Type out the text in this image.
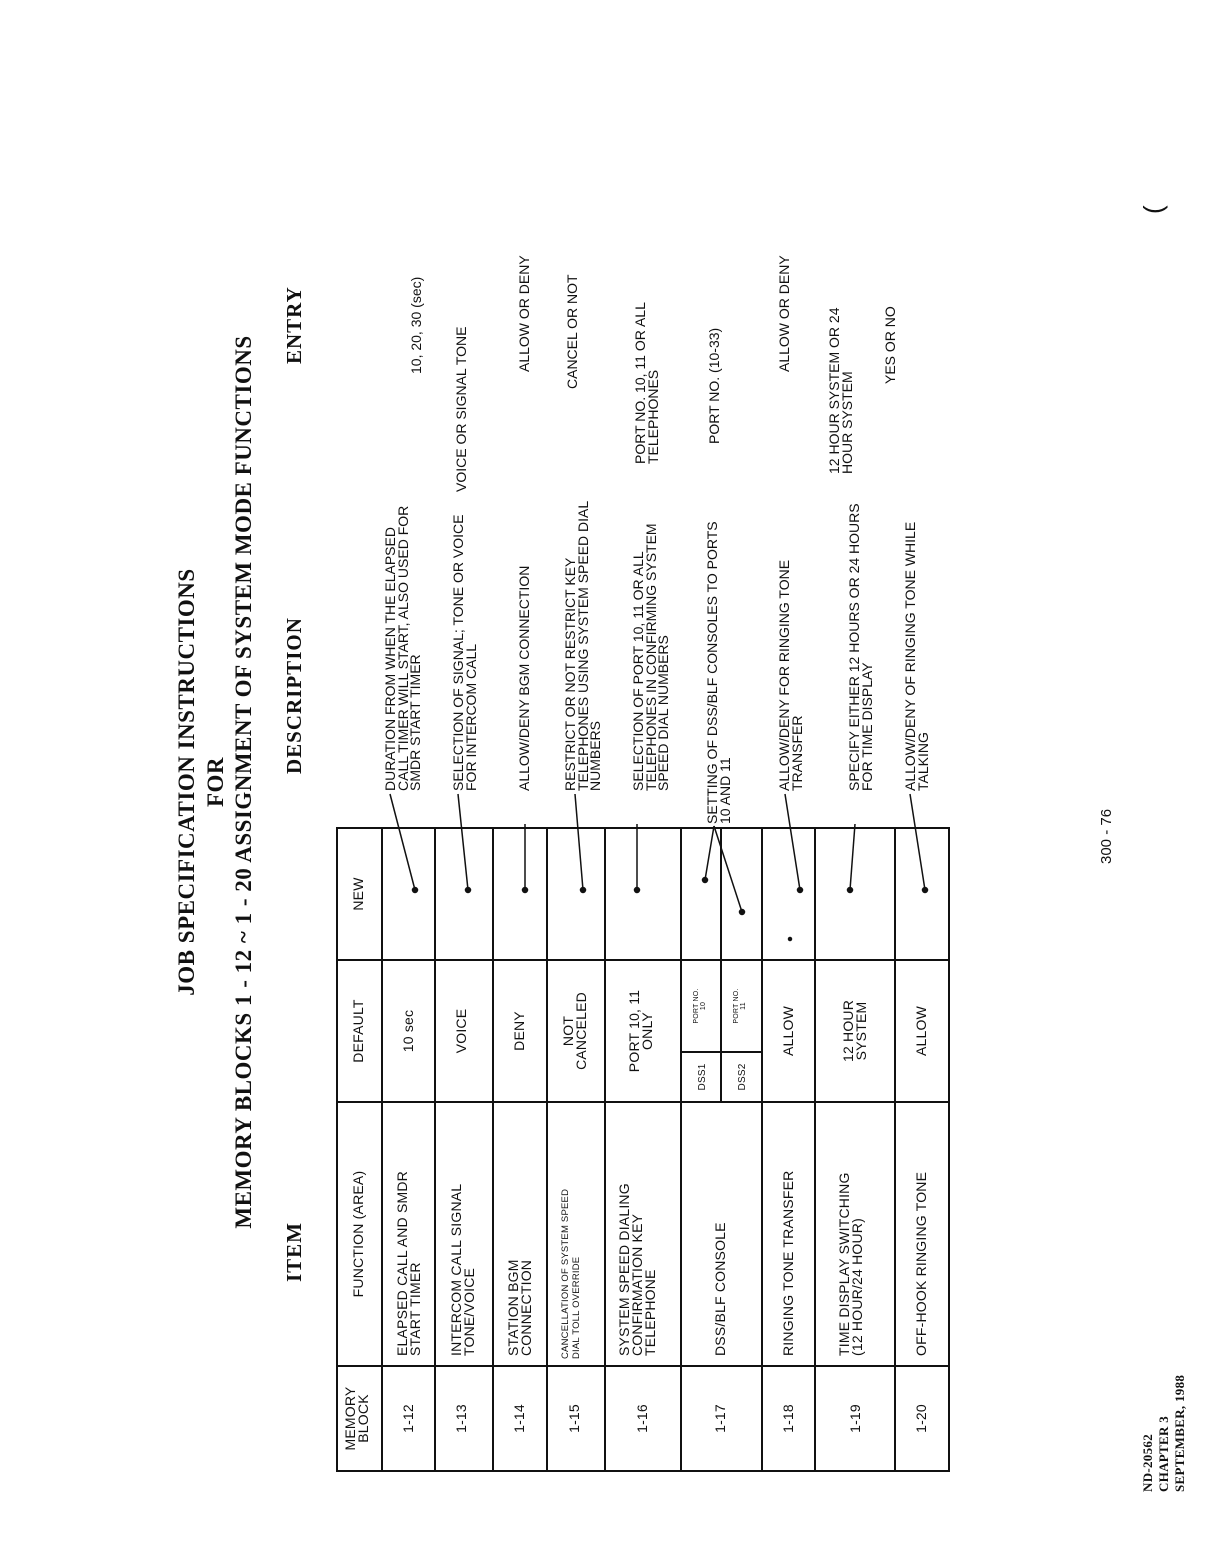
ND-20562 CHAPTER 3 SEPTEMBER, 1988
JOB SPECIFICATION INSTRUCTIONS FOR MEMORY BLOCKS 1 - 12 ~ 1 - 20 ASSIGNMENT OF SYSTEM MODE FUNCTIONS
ITEM
DESCRIPTION
ENTRY
MEMORY
BLOCK
FUNCTION (AREA)
DEFAULT
NEW
1-12
ELAPSED CALL AND SMDR
START TIMER
10 sec
DURATION FROM WHEN THE ELAPSED
CALL TIMER WILL START, ALSO USED FOR
SMDR START TIMER
10, 20, 30 (sec)
1-13
INTERCOM CALL SIGNAL
TONE/VOICE
VOICE
SELECTION OF SIGNAL; TONE OR VOICE
FOR INTERCOM CALL
VOICE OR SIGNAL TONE
1-14
STATION BGM
CONNECTION
DENY
ALLOW/DENY BGM CONNECTION
ALLOW OR DENY
1-15
CANCELLATION OF SYSTEM SPEED DIAL TOLL OVERRIDE
NOT
CANCELED
RESTRICT OR NOT RESTRICT KEY
TELEPHONES USING SYSTEM SPEED DIAL
NUMBERS
CANCEL OR NOT
1-16
SYSTEM SPEED DIALING
CONFIRMATION KEY
TELEPHONE
PORT 10, 11
ONLY
SELECTION OF PORT 10, 11 OR ALL
TELEPHONES IN CONFIRMING SYSTEM
SPEED DIAL NUMBERS
PORT NO. 10, 11 OR ALL
TELEPHONES
1-17
DSS/BLF CONSOLE
DSS1	DSS2
PORT NO. 10	PORT NO. 11
SETTING OF DSS/BLF CONSOLES TO PORTS
10 AND 11
PORT NO. (10-33)
1-18
RINGING TONE TRANSFER
ALLOW
ALLOW/DENY FOR RINGING TONE
TRANSFER
ALLOW OR DENY
1-19
TIME DISPLAY SWITCHING
(12 HOUR/24 HOUR)
12 HOUR
SYSTEM
SPECIFY EITHER 12 HOURS OR 24 HOURS
FOR TIME DISPLAY
12 HOUR SYSTEM OR 24
HOUR SYSTEM
1-20
OFF-HOOK RINGING TONE
ALLOW
ALLOW/DENY OF RINGING TONE WHILE
TALKING
YES OR NO
300 - 76
(
